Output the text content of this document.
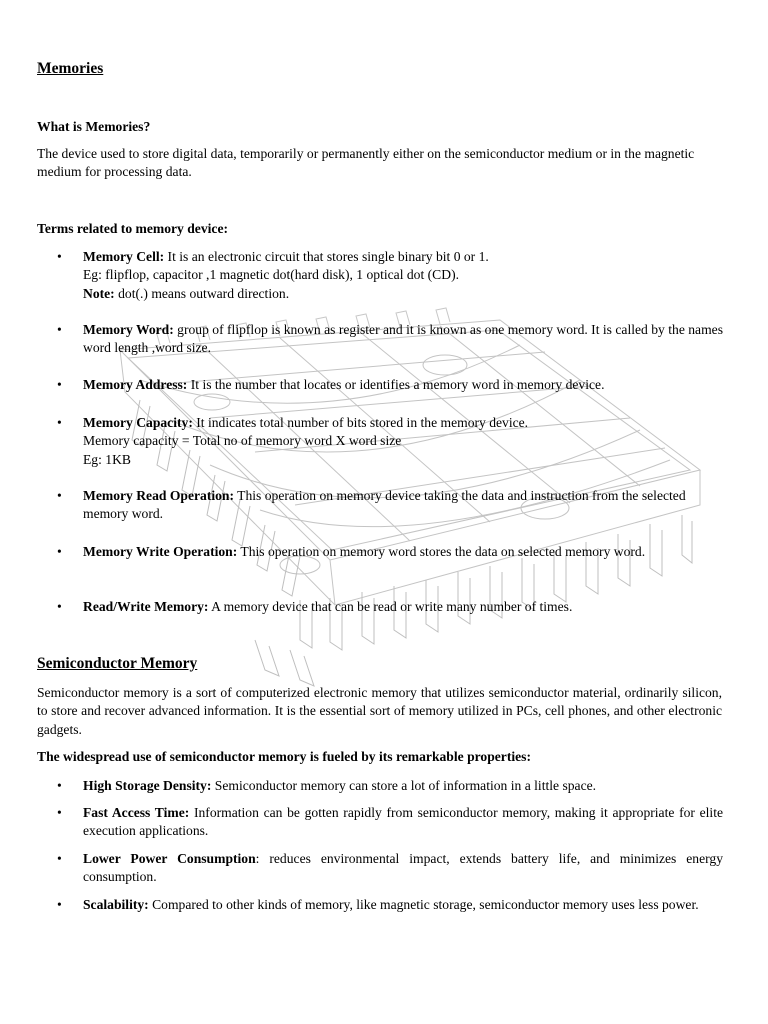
Memories
What is Memories?
The device used to store digital data, temporarily or permanently either on the semiconductor medium or in the magnetic medium for processing data.
Terms related to memory device:
• Memory Cell: It is an electronic circuit that stores single binary bit 0 or 1.
Eg: flipflop, capacitor ,1 magnetic dot(hard disk), 1 optical dot (CD).
Note: dot(.) means outward direction.
• Memory Word: group of flipflop is known as register and it is known as one memory word. It is called by the names word length ,word size.
• Memory Address: It is the number that locates or identifies a memory word in memory device.
• Memory Capacity: It indicates total number of bits stored in the memory device.
Memory capacity = Total no of memory word X word size
Eg: 1KB
• Memory Read Operation: This operation on memory device taking the data and instruction from the selected memory word.
• Memory Write Operation: This operation on memory word stores the data on selected memory word.
• Read/Write Memory: A memory device that can be read or write many number of times.
Semiconductor Memory
Semiconductor memory is a sort of computerized electronic memory that utilizes semiconductor material, ordinarily silicon, to store and recover advanced information. It is the essential sort of memory utilized in PCs, cell phones, and other electronic gadgets.
The widespread use of semiconductor memory is fueled by its remarkable properties:
• High Storage Density: Semiconductor memory can store a lot of information in a little space.
• Fast Access Time: Information can be gotten rapidly from semiconductor memory, making it appropriate for elite execution applications.
• Lower Power Consumption: reduces environmental impact, extends battery life, and minimizes energy consumption.
• Scalability: Compared to other kinds of memory, like magnetic storage, semiconductor memory uses less power.
